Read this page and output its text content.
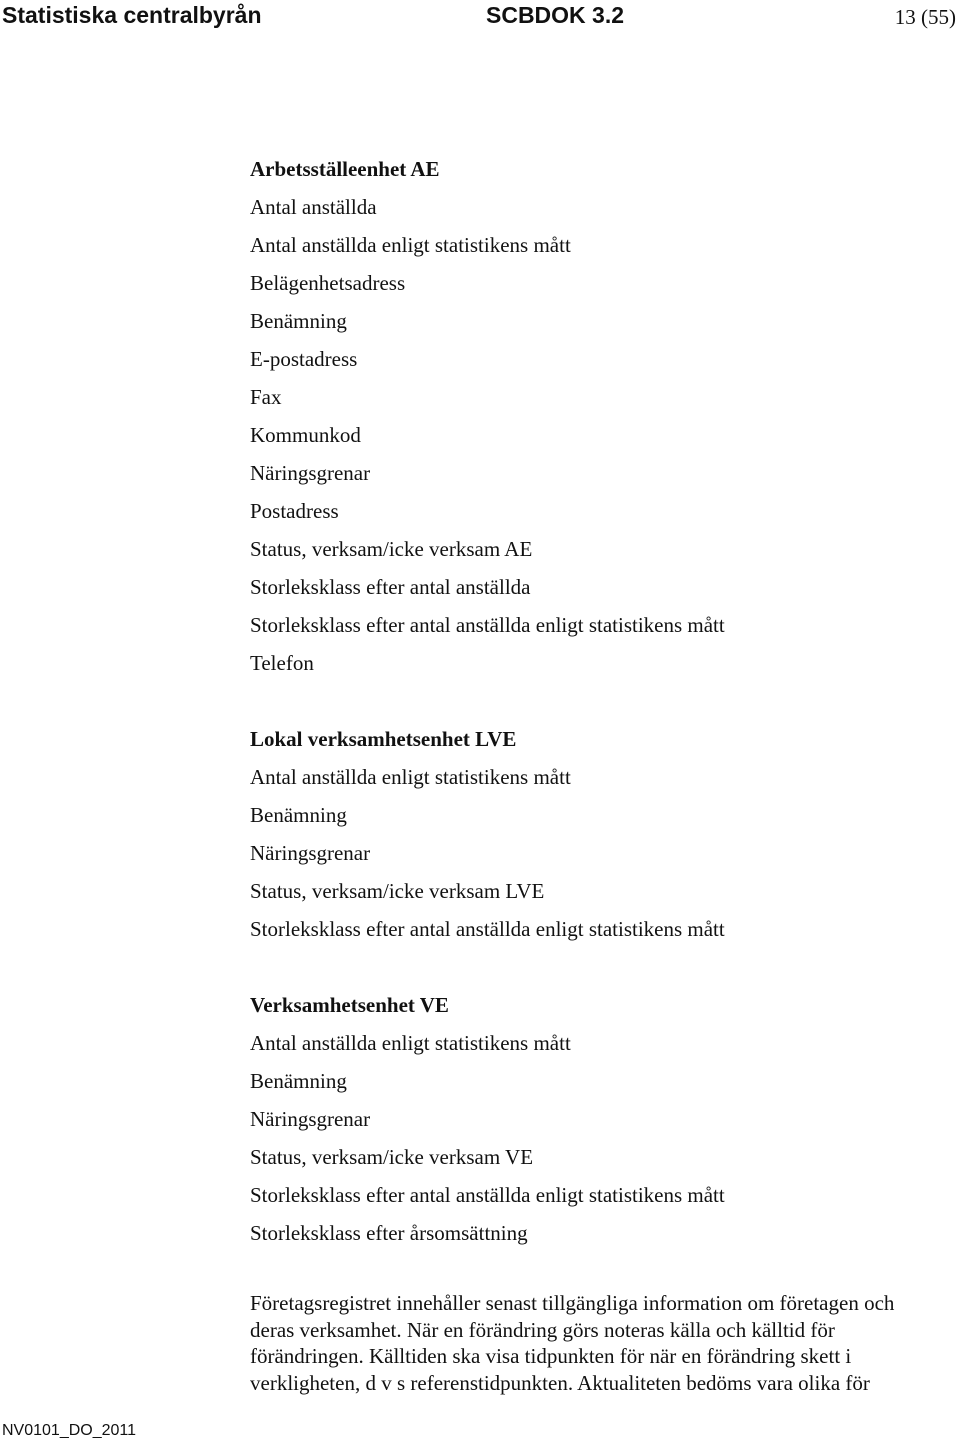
Statistiska centralbyrån	SCBDOK 3.2	13 (55)
Arbetsställeenhet AE
Antal anställda
Antal anställda enligt statistikens mått
Belägenhetsadress
Benämning
E-postadress
Fax
Kommunkod
Näringsgrenar
Postadress
Status, verksam/icke verksam AE
Storleksklass efter antal anställda
Storleksklass efter antal anställda enligt statistikens mått
Telefon
Lokal verksamhetsenhet LVE
Antal anställda enligt statistikens mått
Benämning
Näringsgrenar
Status, verksam/icke verksam LVE
Storleksklass efter antal anställda enligt statistikens mått
Verksamhetsenhet VE
Antal anställda enligt statistikens mått
Benämning
Näringsgrenar
Status, verksam/icke verksam VE
Storleksklass efter antal anställda enligt statistikens mått
Storleksklass efter årsomsättning
Företagsregistret innehåller senast tillgängliga information om företagen och
deras verksamhet. När en förändring görs noteras källa och källtid för
förändringen. Källtiden ska visa tidpunkten för när en förändring skett i
verkligheten, d v s referenstidpunkten. Aktualiteten bedöms vara olika för
NV0101_DO_2011
